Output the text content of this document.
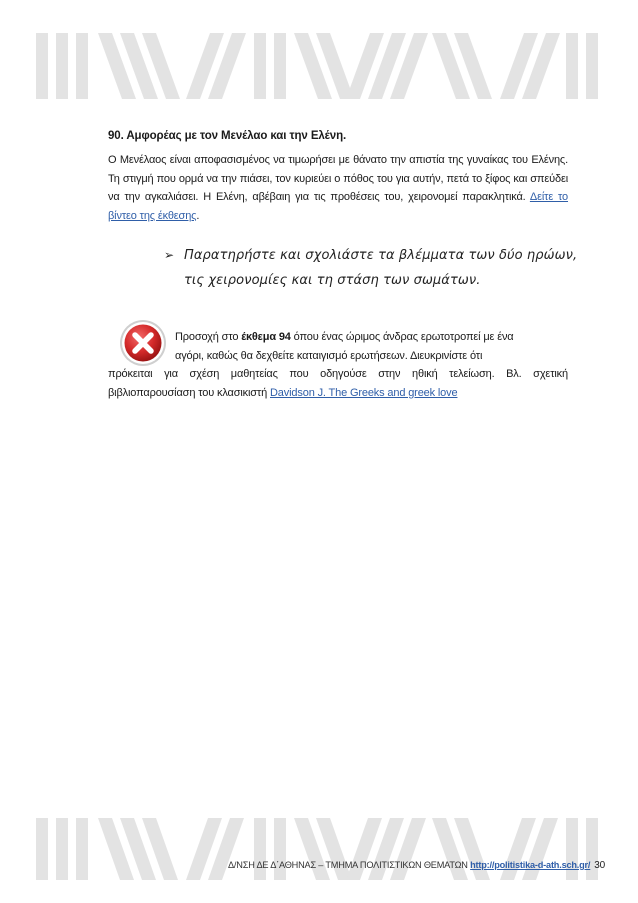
90. Αμφορέας με τον Μενέλαο και την Ελένη.
Ο Μενέλαος είναι αποφασισμένος να τιμωρήσει με θάνατο την απιστία της γυναίκας του Ελένης. Τη στιγμή που ορμά να την πιάσει, τον κυριεύει ο πόθος του για αυτήν, πετά το ξίφος και σπεύδει να την αγκαλιάσει. Η Ελένη, αβέβαιη για τις προθέσεις του, χειρονομεί παρακλητικά. Δείτε το βίντεο της έκθεσης.
➢ Παρατηρήστε και σχολιάστε τα βλέμματα των δύο ηρώων,
τις χειρονομίες και τη στάση των σωμάτων.
Προσοχή στο έκθεμα 94 όπου ένας ώριμος άνδρας ερωτοτροπεί με ένα
αγόρι, καθώς θα δεχθείτε καταιγισμό ερωτήσεων. Διευκρινίστε ότι
πρόκειται για σχέση μαθητείας που οδηγούσε στην ηθική τελείωση. Βλ. σχετική βιβλιοπαρουσίαση του κλασικιστή Davidson J. The Greeks and greek love
Δ/ΝΣΗ ΔΕ Δ΄ΑΘΗΝΑΣ – ΤΜΗΜΑ ΠΟΛΙΤΙΣΤΙΚΩΝ ΘΕΜΑΤΩΝ http://politistika-d-ath.sch.gr/ 30
